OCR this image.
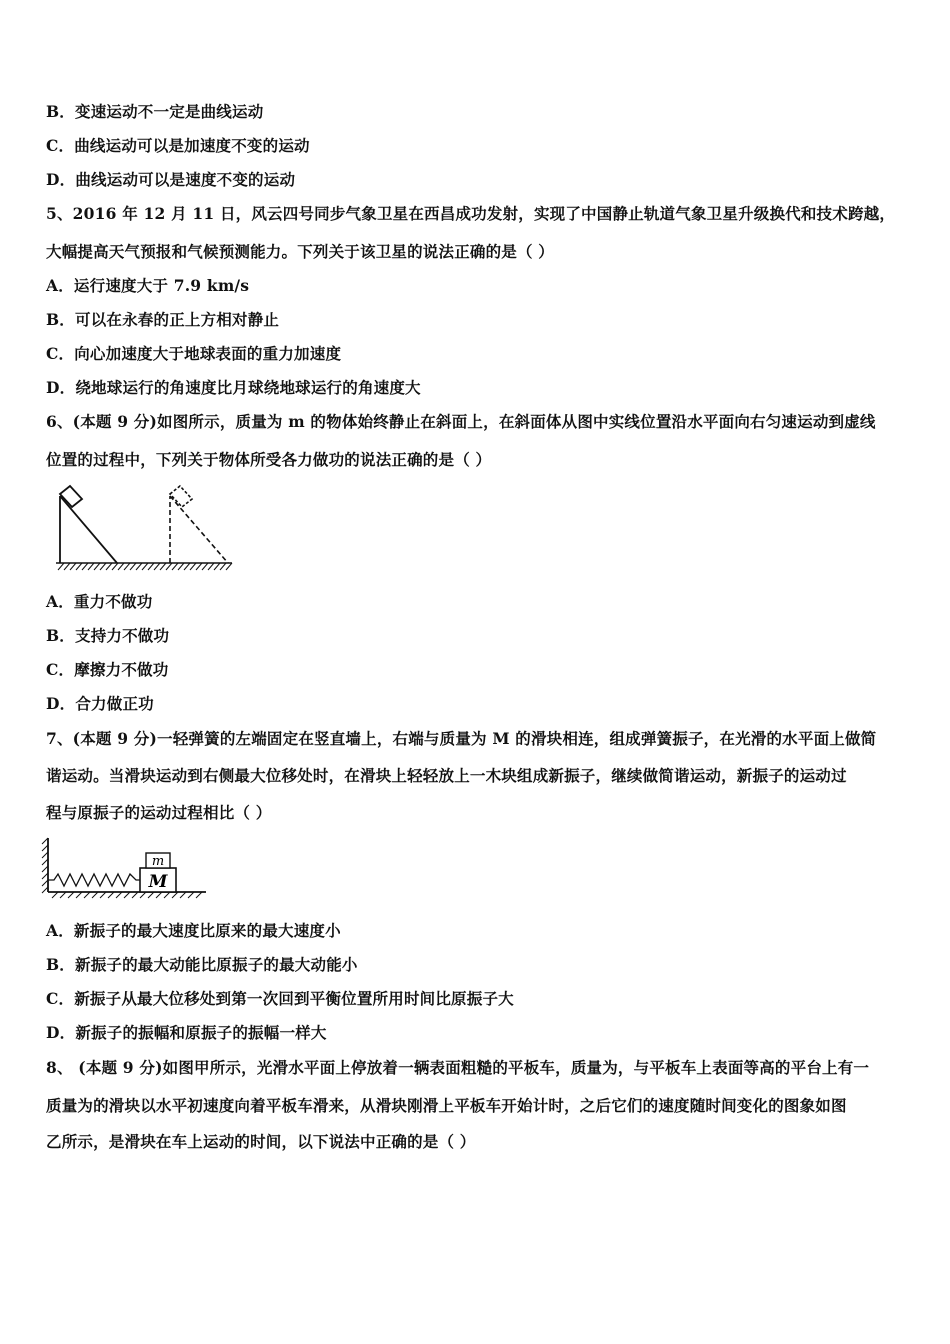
B．变速运动不一定是曲线运动
C．曲线运动可以是加速度不变的运动
D．曲线运动可以是速度不变的运动
5、2016 年 12 月 11 日，风云四号同步气象卫星在西昌成功发射，实现了中国静止轨道气象卫星升级换代和技术跨越，
大幅提高天气预报和气候预测能力。下列关于该卫星的说法正确的是（ ）
A．运行速度大于 7.9 km/s
B．可以在永春的正上方相对静止
C．向心加速度大于地球表面的重力加速度
D．绕地球运行的角速度比月球绕地球运行的角速度大
6、(本题 9 分)如图所示，质量为 m 的物体始终静止在斜面上，在斜面体从图中实线位置沿水平面向右匀速运动到虚线
位置的过程中，下列关于物体所受各力做功的说法正确的是（ ）
A．重力不做功
B．支持力不做功
C．摩擦力不做功
D．合力做正功
7、(本题 9 分)一轻弹簧的左端固定在竖直墙上，右端与质量为 M 的滑块相连，组成弹簧振子，在光滑的水平面上做简
谐运动。当滑块运动到右侧最大位移处时，在滑块上轻轻放上一木块组成新振子，继续做简谐运动，新振子的运动过
程与原振子的运动过程相比（ ）
M
m
A．新振子的最大速度比原来的最大速度小
B．新振子的最大动能比原振子的最大动能小
C．新振子从最大位移处到第一次回到平衡位置所用时间比原振子大
D．新振子的振幅和原振子的振幅一样大
8、 (本题 9 分)如图甲所示，光滑水平面上停放着一辆表面粗糙的平板车，质量为，与平板车上表面等高的平台上有一
质量为的滑块以水平初速度向着平板车滑来，从滑块刚滑上平板车开始计时，之后它们的速度随时间变化的图象如图
乙所示，是滑块在车上运动的时间，以下说法中正确的是（ ）
